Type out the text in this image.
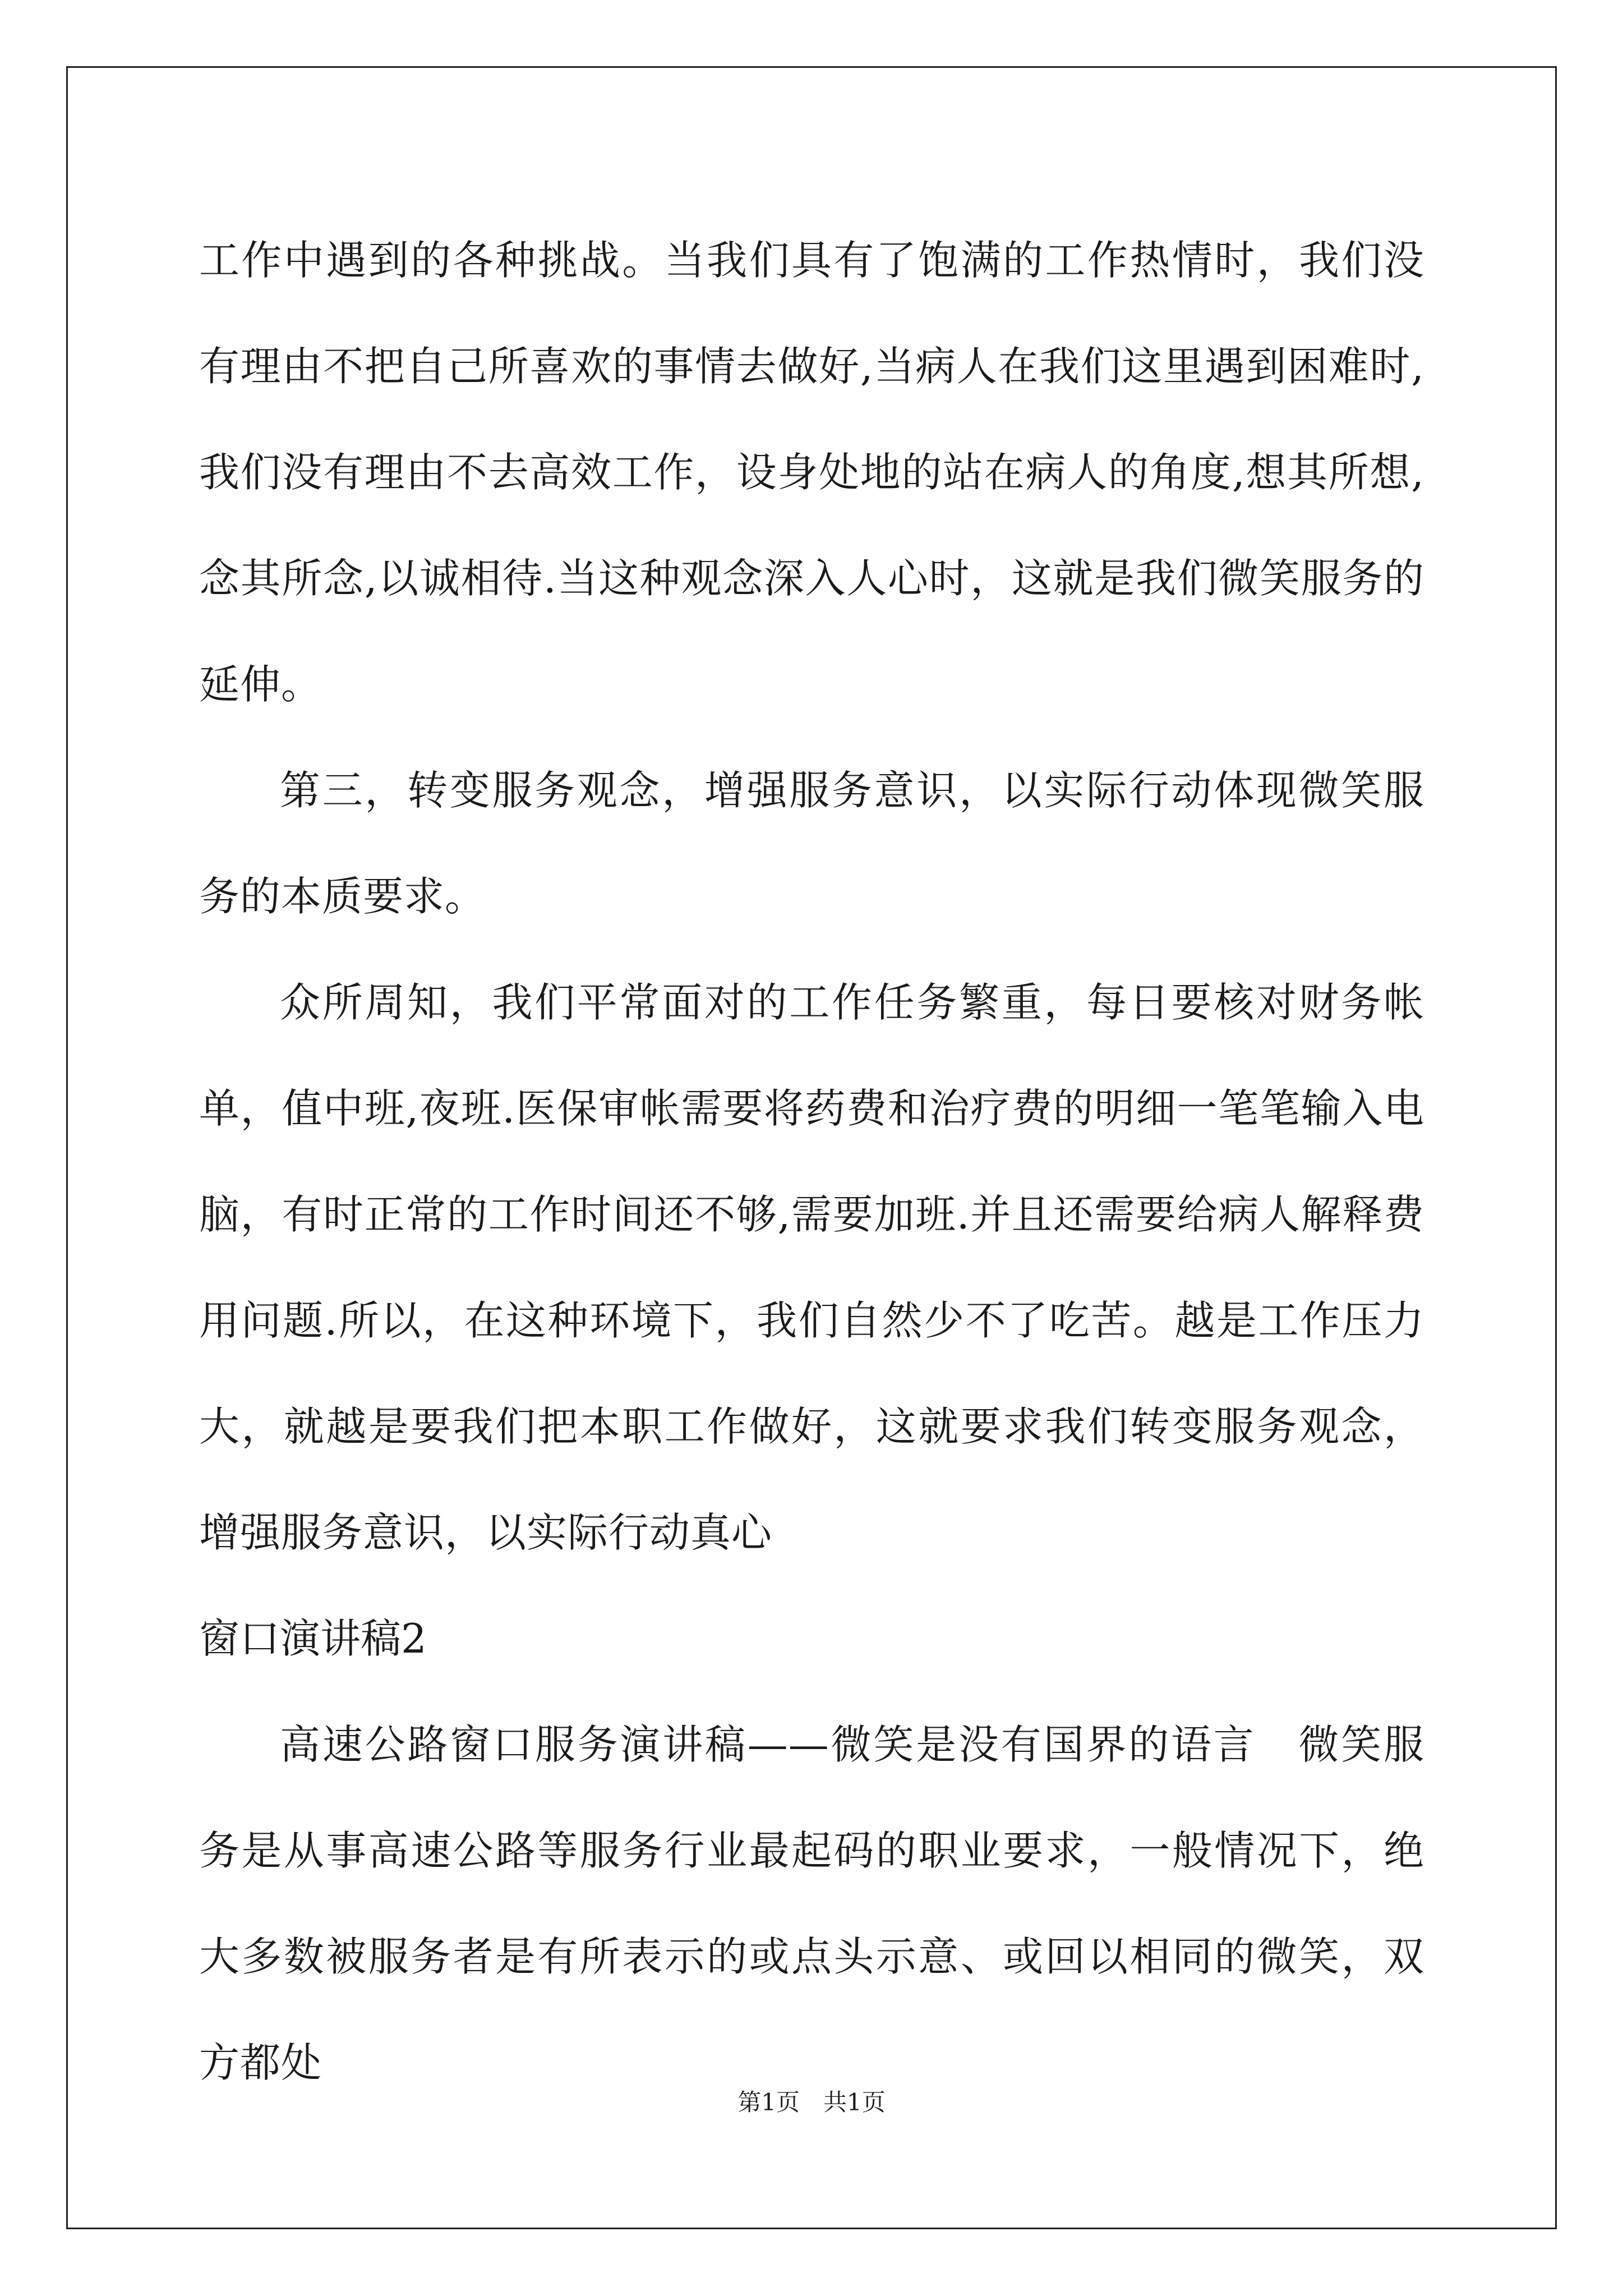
工作中遇到的各种挑战。当我们具有了饱满的工作热情时，我们没有理由不把自己所喜欢的事情去做好,当病人在我们这里遇到困难时,我们没有理由不去高效工作，设身处地的站在病人的角度,想其所想,念其所念,以诚相待.当这种观念深入人心时，这就是我们微笑服务的延伸。

第三，转变服务观念，增强服务意识，以实际行动体现微笑服务的本质要求。

众所周知，我们平常面对的工作任务繁重，每日要核对财务帐单，值中班,夜班.医保审帐需要将药费和治疗费的明细一笔笔输入电脑，有时正常的工作时间还不够,需要加班.并且还需要给病人解释费用问题.所以，在这种环境下，我们自然少不了吃苦。越是工作压力大，就越是要我们把本职工作做好，这就要求我们转变服务观念，增强服务意识，以实际行动真心

窗口演讲稿2

高速公路窗口服务演讲稿——微笑是没有国界的语言　微笑服务是从事高速公路等服务行业最起码的职业要求，一般情况下，绝大多数被服务者是有所表示的或点头示意、或回以相同的微笑，双方都处

第1页　共1页
